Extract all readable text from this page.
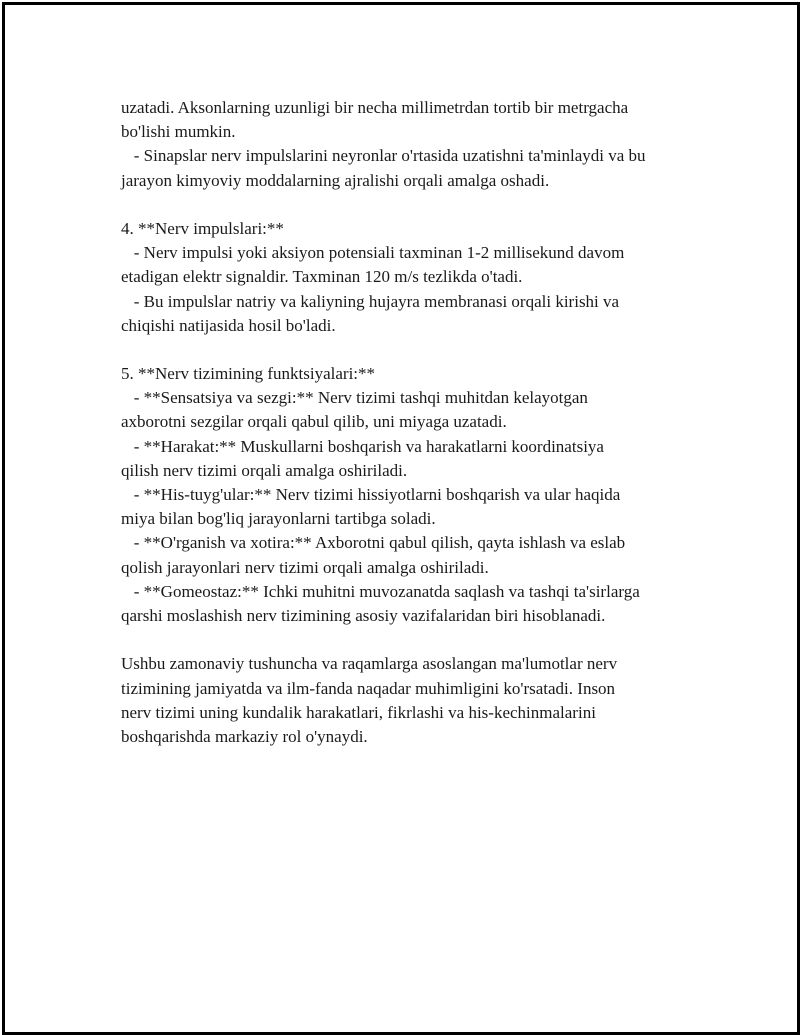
uzatadi. Aksonlarning uzunligi bir necha millimetrdan tortib bir metrgacha
bo'lishi mumkin.
- Sinapslar nerv impulslarini neyronlar o'rtasida uzatishni ta'minlaydi va bu
jarayon kimyoviy moddalarning ajralishi orqali amalga oshadi.
4. **Nerv impulslari:**
- Nerv impulsi yoki aksiyon potensiali taxminan 1-2 millisekund davom
etadigan elektr signaldir. Taxminan 120 m/s tezlikda o'tadi.
- Bu impulslar natriy va kaliyning hujayra membranasi orqali kirishi va
chiqishi natijasida hosil bo'ladi.
5. **Nerv tizimining funktsiyalari:**
- **Sensatsiya va sezgi:** Nerv tizimi tashqi muhitdan kelayotgan
axborotni sezgilar orqali qabul qilib, uni miyaga uzatadi.
- **Harakat:** Muskullarni boshqarish va harakatlarni koordinatsiya
qilish nerv tizimi orqali amalga oshiriladi.
- **His-tuyg'ular:** Nerv tizimi hissiyotlarni boshqarish va ular haqida
miya bilan bog'liq jarayonlarni tartibga soladi.
- **O'rganish va xotira:** Axborotni qabul qilish, qayta ishlash va eslab
qolish jarayonlari nerv tizimi orqali amalga oshiriladi.
- **Gomeostaz:** Ichki muhitni muvozanatda saqlash va tashqi ta'sirlarga
qarshi moslashish nerv tizimining asosiy vazifalaridan biri hisoblanadi.
Ushbu zamonaviy tushuncha va raqamlarga asoslangan ma'lumotlar nerv
tizimining jamiyatda va ilm-fanda naqadar muhimligini ko'rsatadi. Inson
nerv tizimi uning kundalik harakatlari, fikrlashi va his-kechinmalarini
boshqarishda markaziy rol o'ynaydi.
